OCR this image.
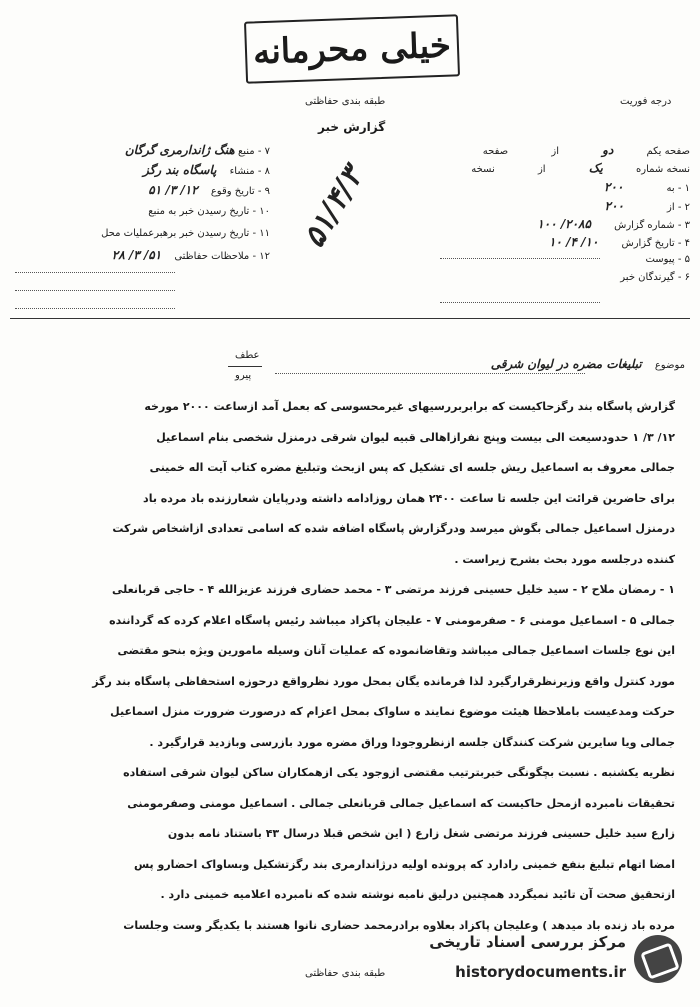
خیلی محرمانه
درجه فوریت
طبقه بندی حفاظتی
گزارش خبر
صفحه یکم دو از صفحه
نسخه شماره یک از نسخه
۱ - به ۲۰۰
۲ - از ۲۰۰
۳ - شماره گزارش ۲۰۸۵/ ۱۰۰
۴ - تاریخ گزارش ۱۰/ ۴/ ۱۰
۵ - پیوست
۶ - گیرندگان خبر
۷ - منبع هنگ ژاندارمری گرگان
۸ - منشاء پاسگاه بند رگز
۹ - تاریخ وقوع ۱۲/ ۳/ ۵۱
۱۰ - تاریخ رسیدن خبر به منبع
۱۱ - تاریخ رسیدن خبر برهبرعملیات محل
۱۲ - ملاحظات حفاظتی ۵۱/ ۳/ ۲۸
۵۱/۴/۳
موضوع تبلیغات مضره در لیوان شرقی
عطف
پیرو

گزارش پاسگاه بند رگزحاکیست که برابربررسیهای غیرمحسوسی که بعمل آمد ازساعت ۲۰۰۰ مورخه

۱۲/ ۳/ ۱ حدودسیعت الی بیست وپنج نفرازاهالی قبیه لیوان شرقی درمنزل شخصی بنام اسماعیل

جمالی معروف به اسماعیل ریش جلسه ای تشکیل که پس ازبحث وتبلیغ مضره کتاب آیت اله خمینی

برای حاضرین قرائت این جلسه تا ساعت ۲۴۰۰ همان روزادامه داشته ودرپایان شعارزنده باد مرده باد

درمنزل اسماعیل جمالی بگوش میرسد ودرگزارش پاسگاه اضافه شده که اسامی تعدادی ازاشخاص شرکت

کننده درجلسه مورد بحث بشرح زیراست .

۱ - رمضان ملاح ۲ - سید خلیل حسینی فرزند مرتضی ۳ - محمد حضاری فرزند عزیزالله ۴ - حاجی قربانعلی

جمالی ۵ - اسماعیل مومنی ۶ - صفرمومنی ۷ - علیجان پاکزاد میباشد رئیس پاسگاه اعلام کرده که گرداننده

این نوع جلسات اسماعیل جمالی میباشد وتقاضانموده که عملیات آنان وسیله مامورین ویژه بنحو مقتضی

مورد کنترل واقع وزیرنظرقرارگیرد لذا فرمانده یگان بمحل مورد نظرواقع درحوزه استحفاظی پاسگاه بند رگز

حرکت ومدعیست باملاحظا هیئت موضوع نمایند ه ساواک بمحل اعزام که درصورت ضرورت منزل اسماعیل

جمالی ویا سایرین شرکت کنندگان جلسه ازنظروجودا وراق مضره مورد بازرسی وبازدید قرارگیرد .

نظریه یکشنبه . نسبت بچگونگی خبربترتیب مقتضی ازوجود یکی ازهمکاران ساکن لیوان شرقی استفاده

تحقیقات نامبرده ازمحل حاکیست که اسماعیل جمالی قربانعلی جمالی . اسماعیل مومنی وصفرمومنی

زارع سید خلیل حسینی فرزند مرتضی شغل زارع ( این شخص قبلا درسال ۴۳ باستناد نامه بدون

امضا اتهام تبلیغ بنفع خمینی رادارد که پرونده اولیه درژاندارمری بند رگزتشکیل وبساواک احضارو پس

ازتحقیق صحت آن تائید نمیگردد همچنین درلیق نامبه نوشته شده که نامبرده اعلامیه خمینی دارد .

مرده باد زنده باد میدهد ) وعلیجان پاکزاد بعلاوه برادرمحمد حضاری نانوا هستند با یکدیگر وست وجلسات

طبقه بندی حفاظتی
مرکز بررسی اسناد تاریخی
historydocuments.ir
